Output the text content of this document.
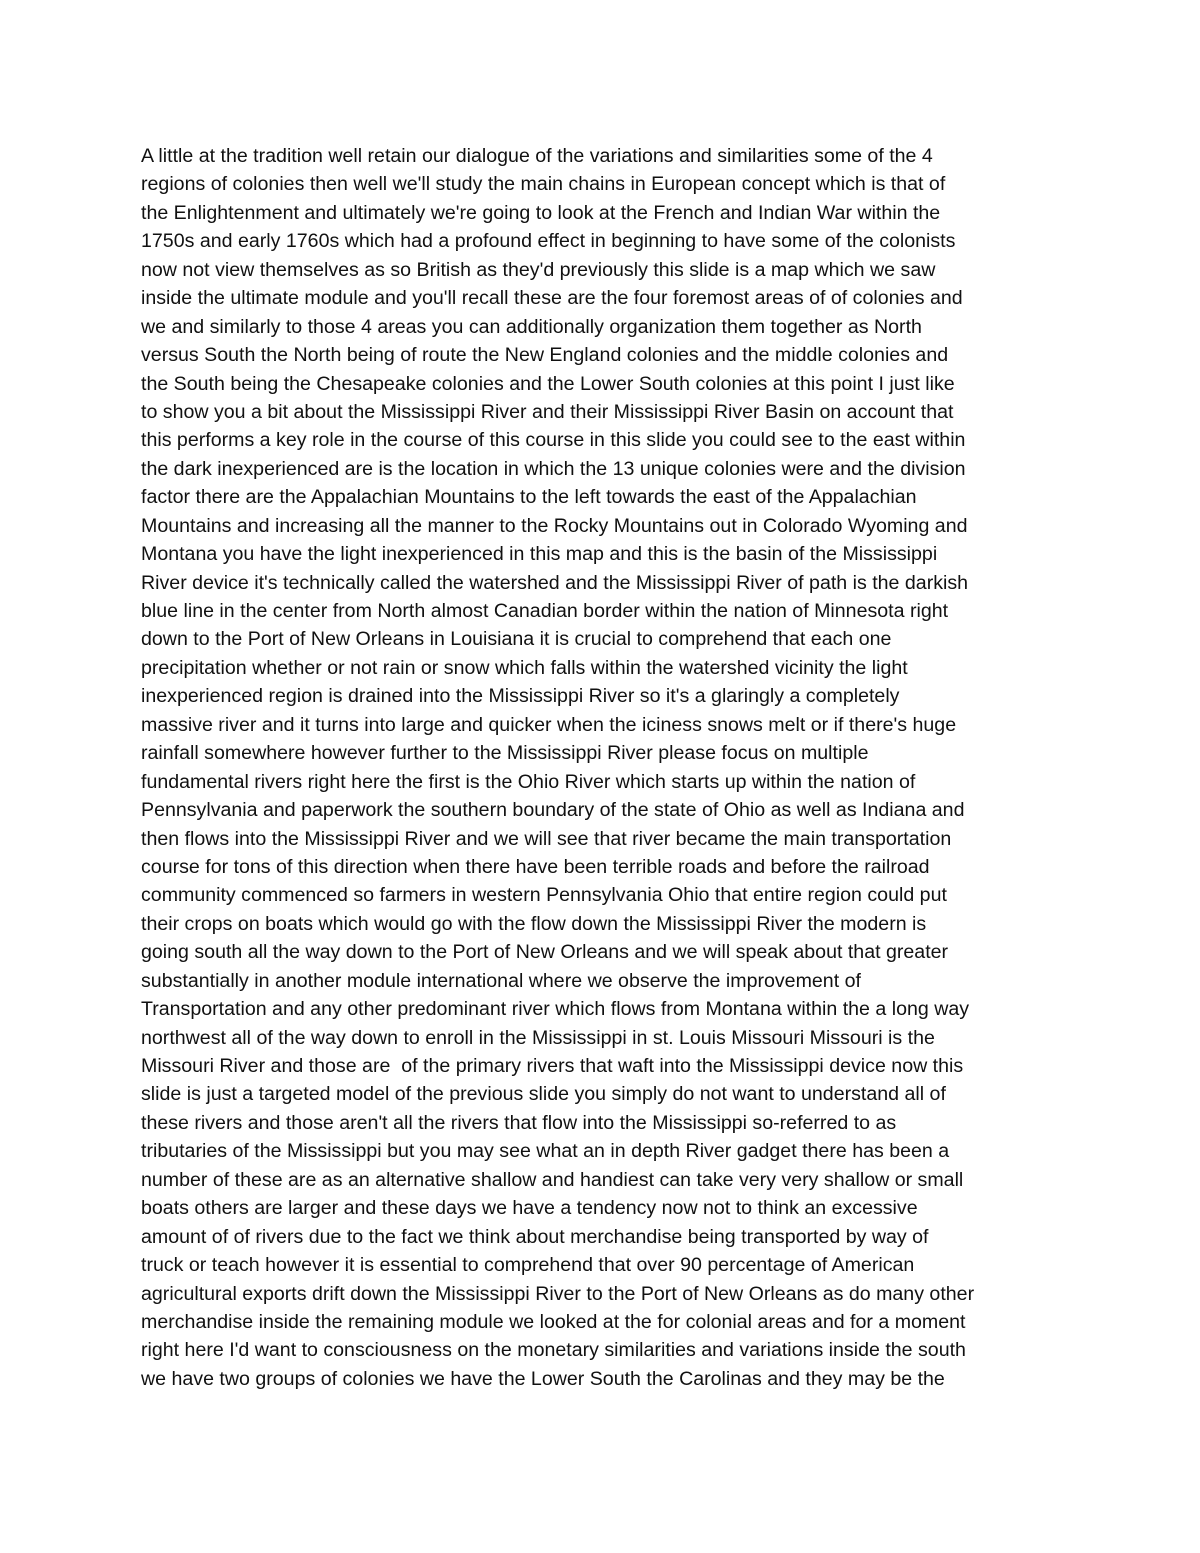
A little at the tradition well retain our dialogue of the variations and similarities some of the 4
regions of colonies then well we'll study the main chains in European concept which is that of
the Enlightenment and ultimately we're going to look at the French and Indian War within the
1750s and early 1760s which had a profound effect in beginning to have some of the colonists
now not view themselves as so British as they'd previously this slide is a map which we saw
inside the ultimate module and you'll recall these are the four foremost areas of of colonies and
we and similarly to those 4 areas you can additionally organization them together as North
versus South the North being of route the New England colonies and the middle colonies and
the South being the Chesapeake colonies and the Lower South colonies at this point I just like
to show you a bit about the Mississippi River and their Mississippi River Basin on account that
this performs a key role in the course of this course in this slide you could see to the east within
the dark inexperienced are is the location in which the 13 unique colonies were and the division
factor there are the Appalachian Mountains to the left towards the east of the Appalachian
Mountains and increasing all the manner to the Rocky Mountains out in Colorado Wyoming and
Montana you have the light inexperienced in this map and this is the basin of the Mississippi
River device it's technically called the watershed and the Mississippi River of path is the darkish
blue line in the center from North almost Canadian border within the nation of Minnesota right
down to the Port of New Orleans in Louisiana it is crucial to comprehend that each one
precipitation whether or not rain or snow which falls within the watershed vicinity the light
inexperienced region is drained into the Mississippi River so it's a glaringly a completely
massive river and it turns into large and quicker when the iciness snows melt or if there's huge
rainfall somewhere however further to the Mississippi River please focus on multiple
fundamental rivers right here the first is the Ohio River which starts up within the nation of
Pennsylvania and paperwork the southern boundary of the state of Ohio as well as Indiana and
then flows into the Mississippi River and we will see that river became the main transportation
course for tons of this direction when there have been terrible roads and before the railroad
community commenced so farmers in western Pennsylvania Ohio that entire region could put
their crops on boats which would go with the flow down the Mississippi River the modern is
going south all the way down to the Port of New Orleans and we will speak about that greater
substantially in another module international where we observe the improvement of
Transportation and any other predominant river which flows from Montana within the a long way
northwest all of the way down to enroll in the Mississippi in st. Louis Missouri Missouri is the
Missouri River and those are  of the primary rivers that waft into the Mississippi device now this
slide is just a targeted model of the previous slide you simply do not want to understand all of
these rivers and those aren't all the rivers that flow into the Mississippi so-referred to as
tributaries of the Mississippi but you may see what an in depth River gadget there has been a
number of these are as an alternative shallow and handiest can take very very shallow or small
boats others are larger and these days we have a tendency now not to think an excessive
amount of of rivers due to the fact we think about merchandise being transported by way of
truck or teach however it is essential to comprehend that over 90 percentage of American
agricultural exports drift down the Mississippi River to the Port of New Orleans as do many other
merchandise inside the remaining module we looked at the for colonial areas and for a moment
right here I'd want to consciousness on the monetary similarities and variations inside the south
we have two groups of colonies we have the Lower South the Carolinas and they may be the
